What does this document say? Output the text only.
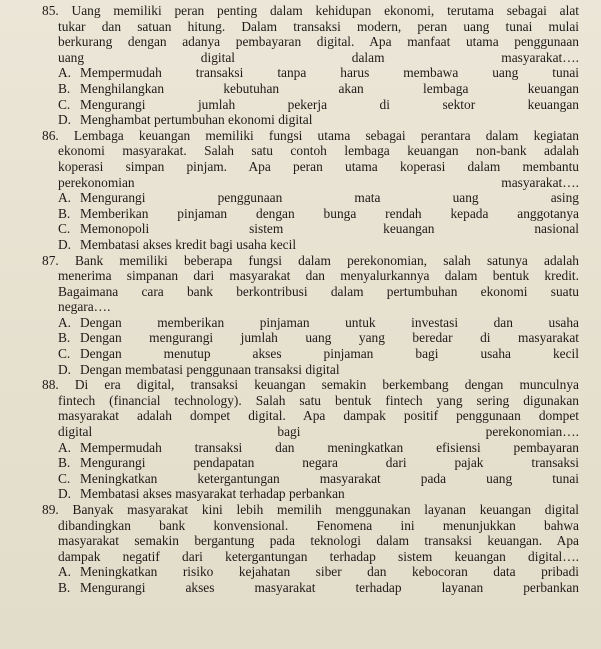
85. Uang memiliki peran penting dalam kehidupan ekonomi, terutama sebagai alat
tukar dan satuan hitung. Dalam transaksi modern, peran uang tunai mulai
berkurang dengan adanya pembayaran digital. Apa manfaat utama penggunaan
uang digital dalam masyarakat….
A. Mempermudah transaksi tanpa harus membawa uang tunai
B. Menghilangkan kebutuhan akan lembaga keuangan
C. Mengurangi jumlah pekerja di sektor keuangan
D. Menghambat pertumbuhan ekonomi digital
86. Lembaga keuangan memiliki fungsi utama sebagai perantara dalam kegiatan
ekonomi masyarakat. Salah satu contoh lembaga keuangan non-bank adalah
koperasi simpan pinjam. Apa peran utama koperasi dalam membantu
perekonomian masyarakat….
A. Mengurangi penggunaan mata uang asing
B. Memberikan pinjaman dengan bunga rendah kepada anggotanya
C. Memonopoli sistem keuangan nasional
D. Membatasi akses kredit bagi usaha kecil
87. Bank memiliki beberapa fungsi dalam perekonomian, salah satunya adalah
menerima simpanan dari masyarakat dan menyalurkannya dalam bentuk kredit.
Bagaimana cara bank berkontribusi dalam pertumbuhan ekonomi suatu
negara….
A. Dengan memberikan pinjaman untuk investasi dan usaha
B. Dengan mengurangi jumlah uang yang beredar di masyarakat
C. Dengan menutup akses pinjaman bagi usaha kecil
D. Dengan membatasi penggunaan transaksi digital
88. Di era digital, transaksi keuangan semakin berkembang dengan munculnya
fintech (financial technology). Salah satu bentuk fintech yang sering digunakan
masyarakat adalah dompet digital. Apa dampak positif penggunaan dompet
digital bagi perekonomian….
A. Mempermudah transaksi dan meningkatkan efisiensi pembayaran
B. Mengurangi pendapatan negara dari pajak transaksi
C. Meningkatkan ketergantungan masyarakat pada uang tunai
D. Membatasi akses masyarakat terhadap perbankan
89. Banyak masyarakat kini lebih memilih menggunakan layanan keuangan digital
dibandingkan bank konvensional. Fenomena ini menunjukkan bahwa
masyarakat semakin bergantung pada teknologi dalam transaksi keuangan. Apa
dampak negatif dari ketergantungan terhadap sistem keuangan digital….
A. Meningkatkan risiko kejahatan siber dan kebocoran data pribadi
B. Mengurangi akses masyarakat terhadap layanan perbankan
